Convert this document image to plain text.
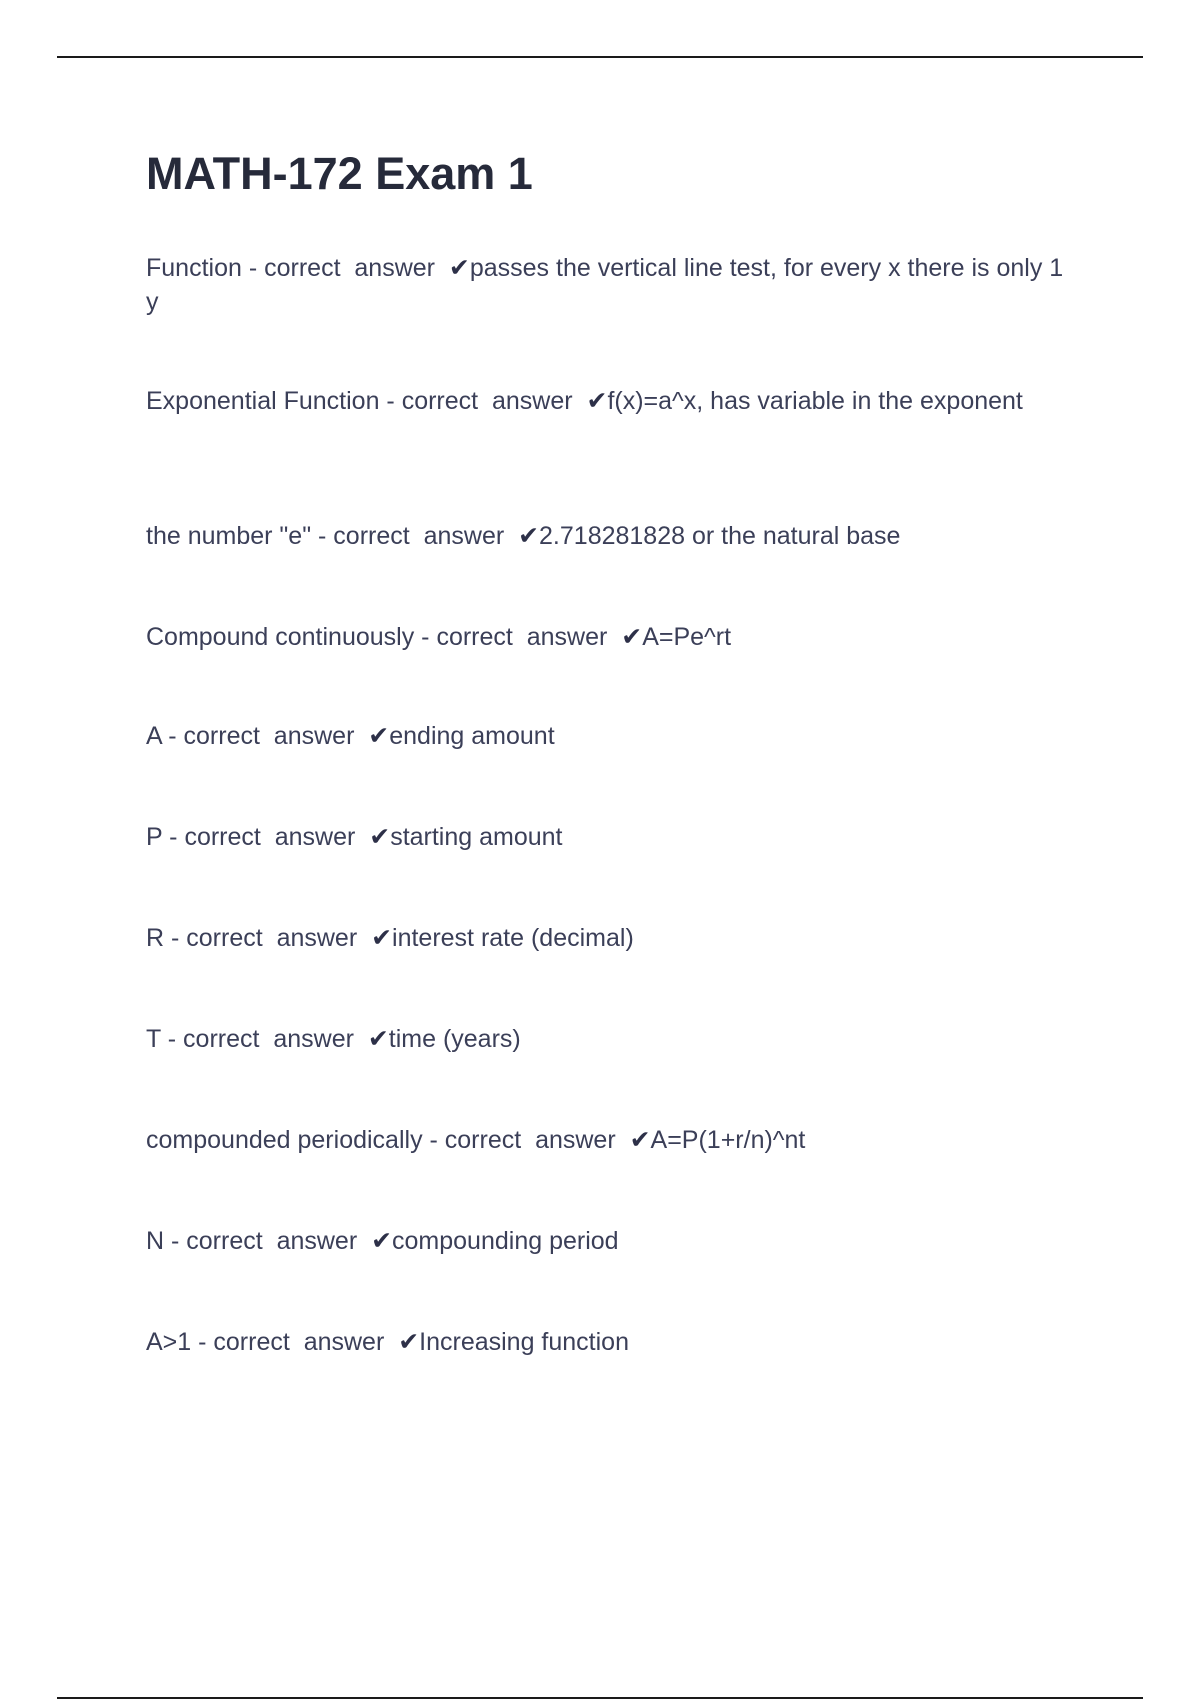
MATH-172 Exam 1

Function - correct  answer  ✔passes the vertical line test, for every x there is only 1 y

Exponential Function - correct  answer  ✔f(x)=a^x, has variable in the exponent

the number "e" - correct  answer  ✔2.718281828 or the natural base

Compound continuously - correct  answer  ✔A=Pe^rt

A - correct  answer  ✔ending amount

P - correct  answer  ✔starting amount

R - correct  answer  ✔interest rate (decimal)

T - correct  answer  ✔time (years)

compounded periodically - correct  answer  ✔A=P(1+r/n)^nt

N - correct  answer  ✔compounding period

A>1 - correct  answer  ✔Increasing function
